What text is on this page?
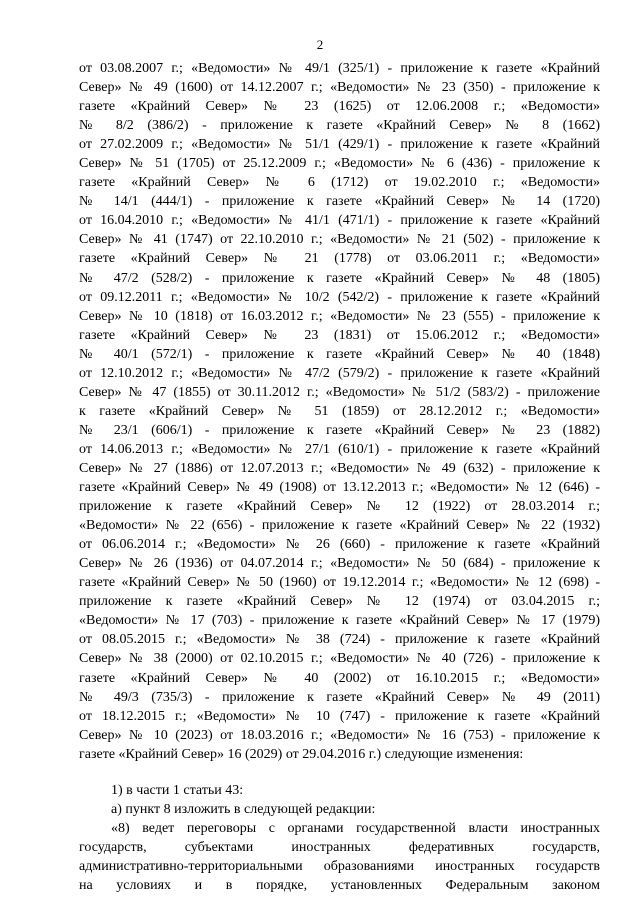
2
от 03.08.2007 г.; «Ведомости» № 49/1 (325/1) - приложение к газете «Крайний
Север» № 49 (1600) от 14.12.2007 г.; «Ведомости» № 23 (350) - приложение к
газете «Крайний Север» № 23 (1625) от 12.06.2008 г.; «Ведомости»
№ 8/2 (386/2) - приложение к газете «Крайний Север» № 8 (1662)
от 27.02.2009 г.; «Ведомости» № 51/1 (429/1) - приложение к газете «Крайний
Север» № 51 (1705) от 25.12.2009 г.; «Ведомости» № 6 (436) - приложение к
газете «Крайний Север» № 6 (1712) от 19.02.2010 г.; «Ведомости»
№ 14/1 (444/1) - приложение к газете «Крайний Север» № 14 (1720)
от 16.04.2010 г.; «Ведомости» № 41/1 (471/1) - приложение к газете «Крайний
Север» № 41 (1747) от 22.10.2010 г.; «Ведомости» № 21 (502) - приложение к
газете «Крайний Север» № 21 (1778) от 03.06.2011 г.; «Ведомости»
№ 47/2 (528/2) - приложение к газете «Крайний Север» № 48 (1805)
от 09.12.2011 г.; «Ведомости» № 10/2 (542/2) - приложение к газете «Крайний
Север» № 10 (1818) от 16.03.2012 г.; «Ведомости» № 23 (555) - приложение к
газете «Крайний Север» № 23 (1831) от 15.06.2012 г.; «Ведомости»
№ 40/1 (572/1) - приложение к газете «Крайний Север» № 40 (1848)
от 12.10.2012 г.; «Ведомости» № 47/2 (579/2) - приложение к газете «Крайний
Север» № 47 (1855) от 30.11.2012 г.; «Ведомости» № 51/2 (583/2) - приложение
к газете «Крайний Север» № 51 (1859) от 28.12.2012 г.; «Ведомости»
№ 23/1 (606/1) - приложение к газете «Крайний Север» № 23 (1882)
от 14.06.2013 г.; «Ведомости» № 27/1 (610/1) - приложение к газете «Крайний
Север» № 27 (1886) от 12.07.2013 г.; «Ведомости» № 49 (632) - приложение к
газете «Крайний Север» № 49 (1908) от 13.12.2013 г.; «Ведомости» № 12 (646) -
приложение к газете «Крайний Север» № 12 (1922) от 28.03.2014 г.;
«Ведомости» № 22 (656) - приложение к газете «Крайний Север» № 22 (1932)
от 06.06.2014 г.; «Ведомости» № 26 (660) - приложение к газете «Крайний
Север» № 26 (1936) от 04.07.2014 г.; «Ведомости» № 50 (684) - приложение к
газете «Крайний Север» № 50 (1960) от 19.12.2014 г.; «Ведомости» № 12 (698) -
приложение к газете «Крайний Север» № 12 (1974) от 03.04.2015 г.;
«Ведомости» № 17 (703) - приложение к газете «Крайний Север» № 17 (1979)
от 08.05.2015 г.; «Ведомости» № 38 (724) - приложение к газете «Крайний
Север» № 38 (2000) от 02.10.2015 г.; «Ведомости» № 40 (726) - приложение к
газете «Крайний Север» № 40 (2002) от 16.10.2015 г.; «Ведомости»
№ 49/3 (735/3) - приложение к газете «Крайний Север» № 49 (2011)
от 18.12.2015 г.; «Ведомости» № 10 (747) - приложение к газете «Крайний
Север» № 10 (2023) от 18.03.2016 г.; «Ведомости» № 16 (753) - приложение к
газете «Крайний Север» 16 (2029) от 29.04.2016 г.) следующие изменения:
1) в части 1 статьи 43:
а) пункт 8 изложить в следующей редакции:
«8) ведет переговоры с органами государственной власти иностранных
государств, субъектами иностранных федеративных государств,
административно-территориальными образованиями иностранных государств
на условиях и в порядке, установленных Федеральным законом
